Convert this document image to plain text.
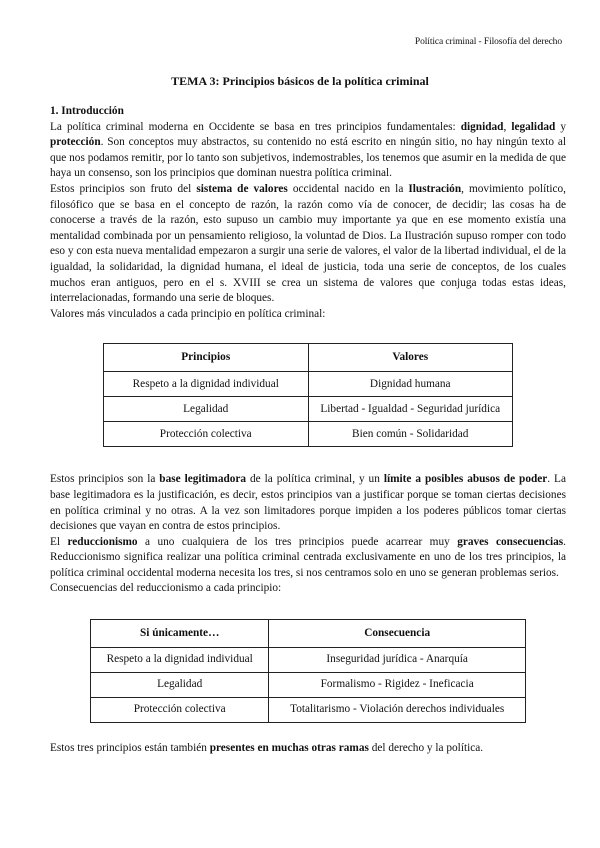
Política criminal - Filosofía del derecho
TEMA 3: Principios básicos de la política criminal

1. Introducción

La política criminal moderna en Occidente se basa en tres principios fundamentales: dignidad, legalidad y protección. Son conceptos muy abstractos, su contenido no está escrito en ningún sitio, no hay ningún texto al que nos podamos remitir, por lo tanto son subjetivos, indemostrables, los tenemos que asumir en la medida de que haya un consenso, son los principios que dominan nuestra política criminal.

Estos principios son fruto del sistema de valores occidental nacido en la Ilustración, movimiento político, filosófico que se basa en el concepto de razón, la razón como vía de conocer, de decidir; las cosas ha de conocerse a través de la razón, esto supuso un cambio muy importante ya que en ese momento existía una mentalidad combinada por un pensamiento religioso, la voluntad de Dios. La Ilustración supuso romper con todo eso y con esta nueva mentalidad empezaron a surgir una serie de valores, el valor de la libertad individual, el de la igualdad, la solidaridad, la dignidad humana, el ideal de justicia, toda una serie de conceptos, de los cuales muchos eran antiguos, pero en el s. XVIII se crea un sistema de valores que conjuga todas estas ideas, interrelacionadas, formando una serie de bloques.

Valores más vinculados a cada principio en política criminal:

Principios	Valores
Respeto a la dignidad individual	Dignidad humana
Legalidad	Libertad - Igualdad - Seguridad jurídica
Protección colectiva	Bien común - Solidaridad

Estos principios son la base legitimadora de la política criminal, y un límite a posibles abusos de poder. La base legitimadora es la justificación, es decir, estos principios van a justificar porque se toman ciertas decisiones en política criminal y no otras. A la vez son limitadores porque impiden a los poderes públicos tomar ciertas decisiones que vayan en contra de estos principios.

El reduccionismo a uno cualquiera de los tres principios puede acarrear muy graves consecuencias. Reduccionismo significa realizar una política criminal centrada exclusivamente en uno de los tres principios, la política criminal occidental moderna necesita los tres, si nos centramos solo en uno se generan problemas serios.

Consecuencias del reduccionismo a cada principio:

Si únicamente…	Consecuencia
Respeto a la dignidad individual	Inseguridad jurídica - Anarquía
Legalidad	Formalismo - Rigidez - Ineficacia
Protección colectiva	Totalitarismo - Violación derechos individuales

Estos tres principios están también presentes en muchas otras ramas del derecho y la política.
